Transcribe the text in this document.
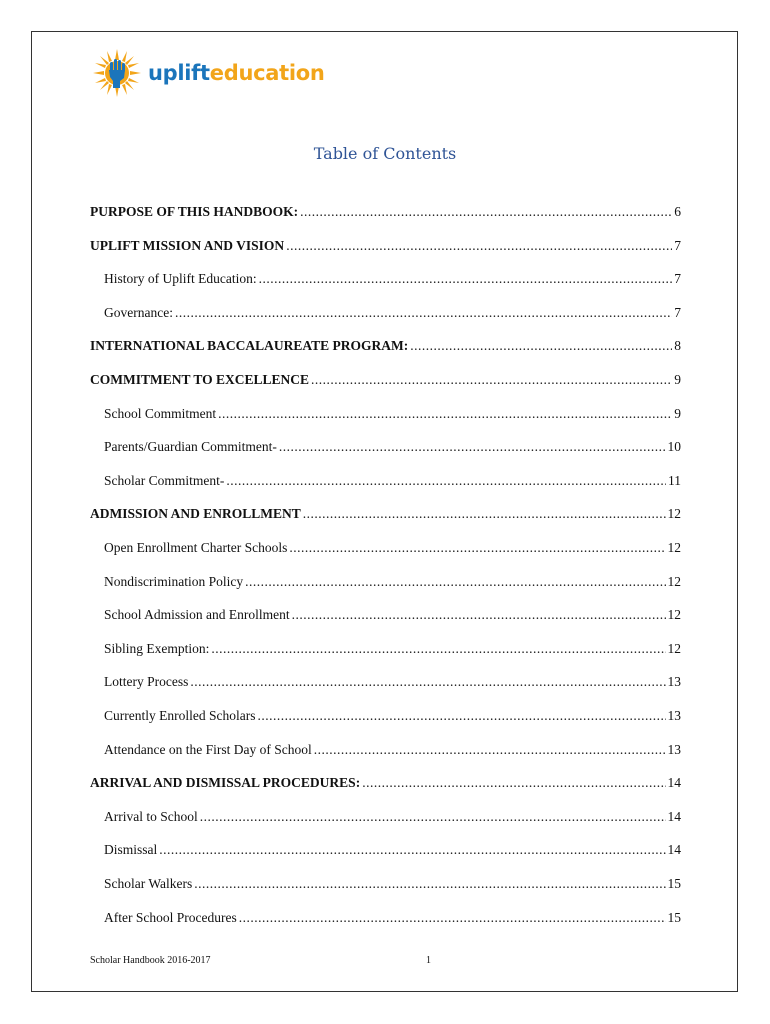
uplifteducation
Table of Contents
PURPOSE OF THIS HANDBOOK: .....	6
UPLIFT MISSION AND VISION .....	7
History of Uplift Education: .....	7
Governance: .....	7
INTERNATIONAL BACCALAUREATE PROGRAM: .....	8
COMMITMENT TO EXCELLENCE .....	9
School Commitment .....	9
Parents/Guardian Commitment- .....	10
Scholar Commitment- .....	11
ADMISSION AND ENROLLMENT .....	12
Open Enrollment Charter Schools .....	12
Nondiscrimination Policy .....	12
School Admission and Enrollment .....	12
Sibling Exemption: .....	12
Lottery Process .....	13
Currently Enrolled Scholars .....	13
Attendance on the First Day of School .....	13
ARRIVAL AND DISMISSAL PROCEDURES: .....	14
Arrival to School .....	14
Dismissal .....	14
Scholar Walkers .....	15
After School Procedures .....	15
Scholar Handbook 2016-2017	1
